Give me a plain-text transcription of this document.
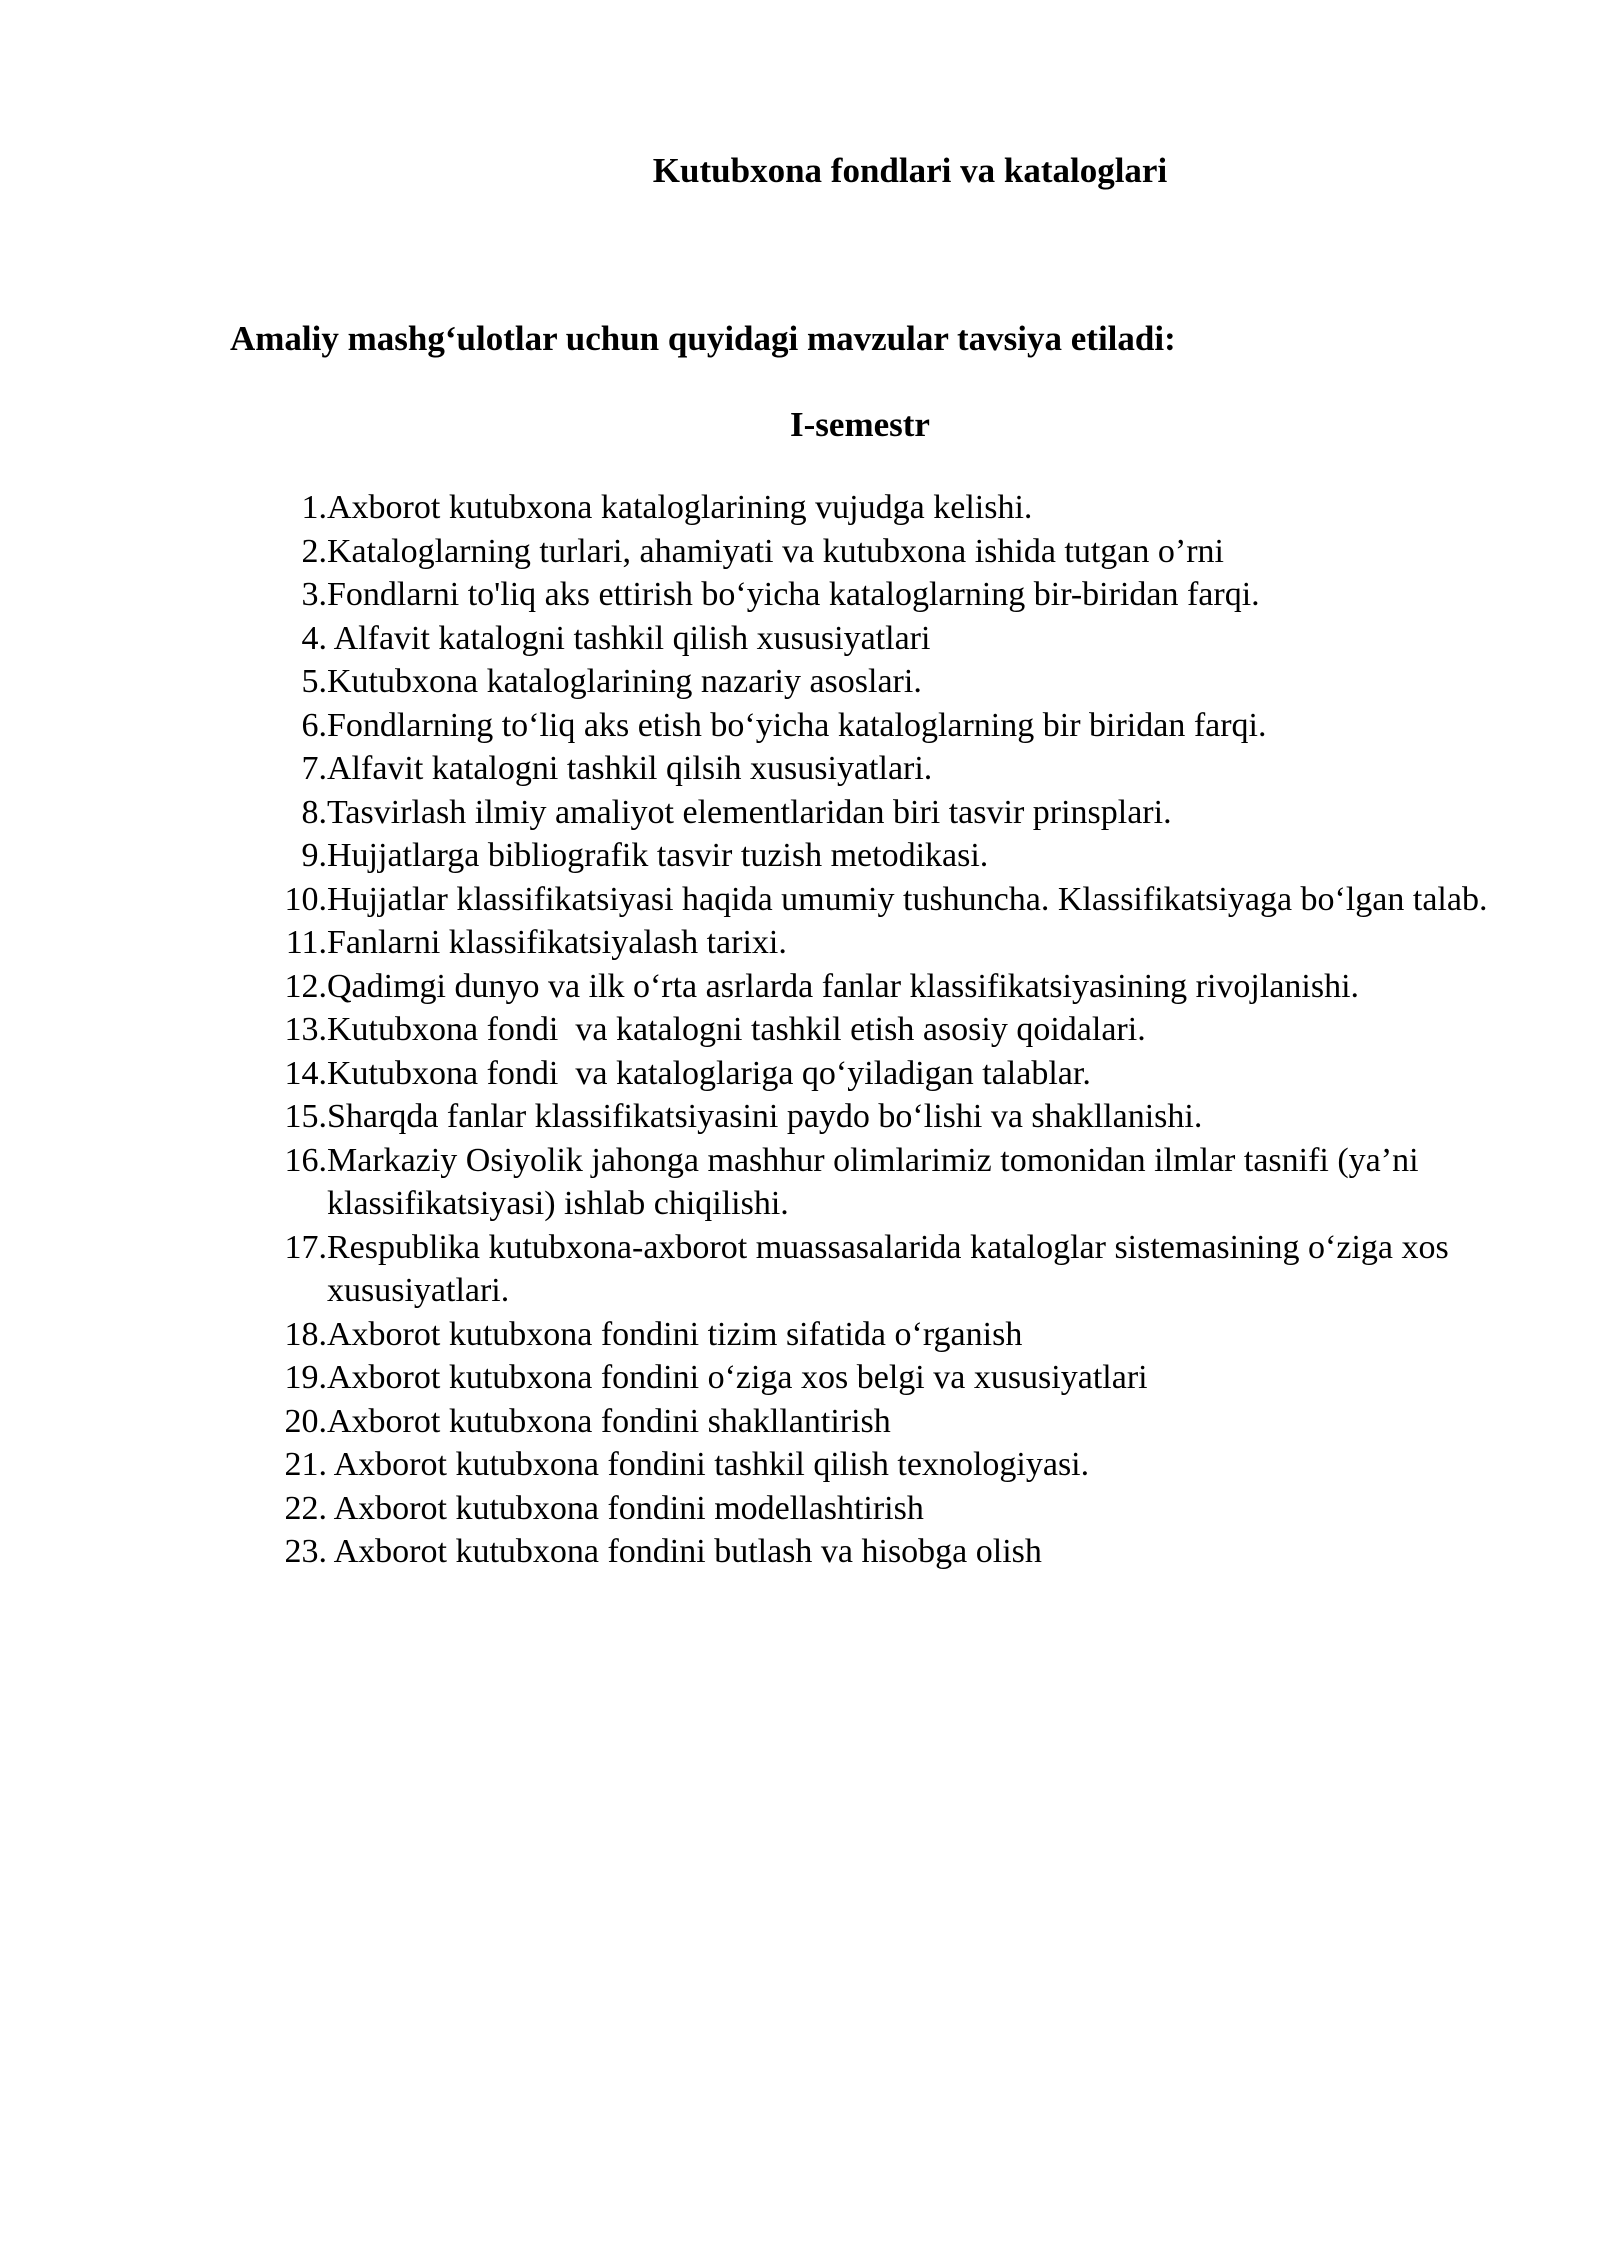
Kutubxona fondlari va kataloglari

Amaliy mashg‘ulotlar uchun quyidagi mavzular tavsiya etiladi:

I-semestr

1. Axborot kutubxona kataloglarining vujudga kelishi.
2. Kataloglarning turlari, ahamiyati va kutubxona ishida tutgan o’rni
3. Fondlarni to'liq aks ettirish bo‘yicha kataloglarning bir-biridan farqi.
4. Alfavit katalogni tashkil qilish xususiyatlari
5. Kutubxona kataloglarining nazariy asoslari.
6. Fondlarning to‘liq aks etish bo‘yicha kataloglarning bir biridan farqi.
7. Alfavit katalogni tashkil qilsih xususiyatlari.
8. Tasvirlash ilmiy amaliyot elementlaridan biri tasvir prinsplari.
9. Hujjatlarga bibliografik tasvir tuzish metodikasi.
10. Hujjatlar klassifikatsiyasi haqida umumiy tushuncha. Klassifikatsiyaga bo‘lgan talab.
11. Fanlarni klassifikatsiyalash tarixi.
12. Qadimgi dunyo va ilk o‘rta asrlarda fanlar klassifikatsiyasining rivojlanishi.
13. Kutubxona fondi  va katalogni tashkil etish asosiy qoidalari.
14. Kutubxona fondi  va kataloglariga qo‘yiladigan talablar.
15. Sharqda fanlar klassifikatsiyasini paydo bo‘lishi va shakllanishi.
16. Markaziy Osiyolik jahonga mashhur olimlarimiz tomonidan ilmlar tasnifi (ya’ni klassifikatsiyasi) ishlab chiqilishi.
17. Respublika kutubxona-axborot muassasalarida kataloglar sistemasining o‘ziga xos xususiyatlari.
18. Axborot kutubxona fondini tizim sifatida o‘rganish
19. Axborot kutubxona fondini o‘ziga xos belgi va xususiyatlari
20. Axborot kutubxona fondini shakllantirish
21. Axborot kutubxona fondini tashkil qilish texnologiyasi.
22. Axborot kutubxona fondini modellashtirish
23. Axborot kutubxona fondini butlash va hisobga olish
